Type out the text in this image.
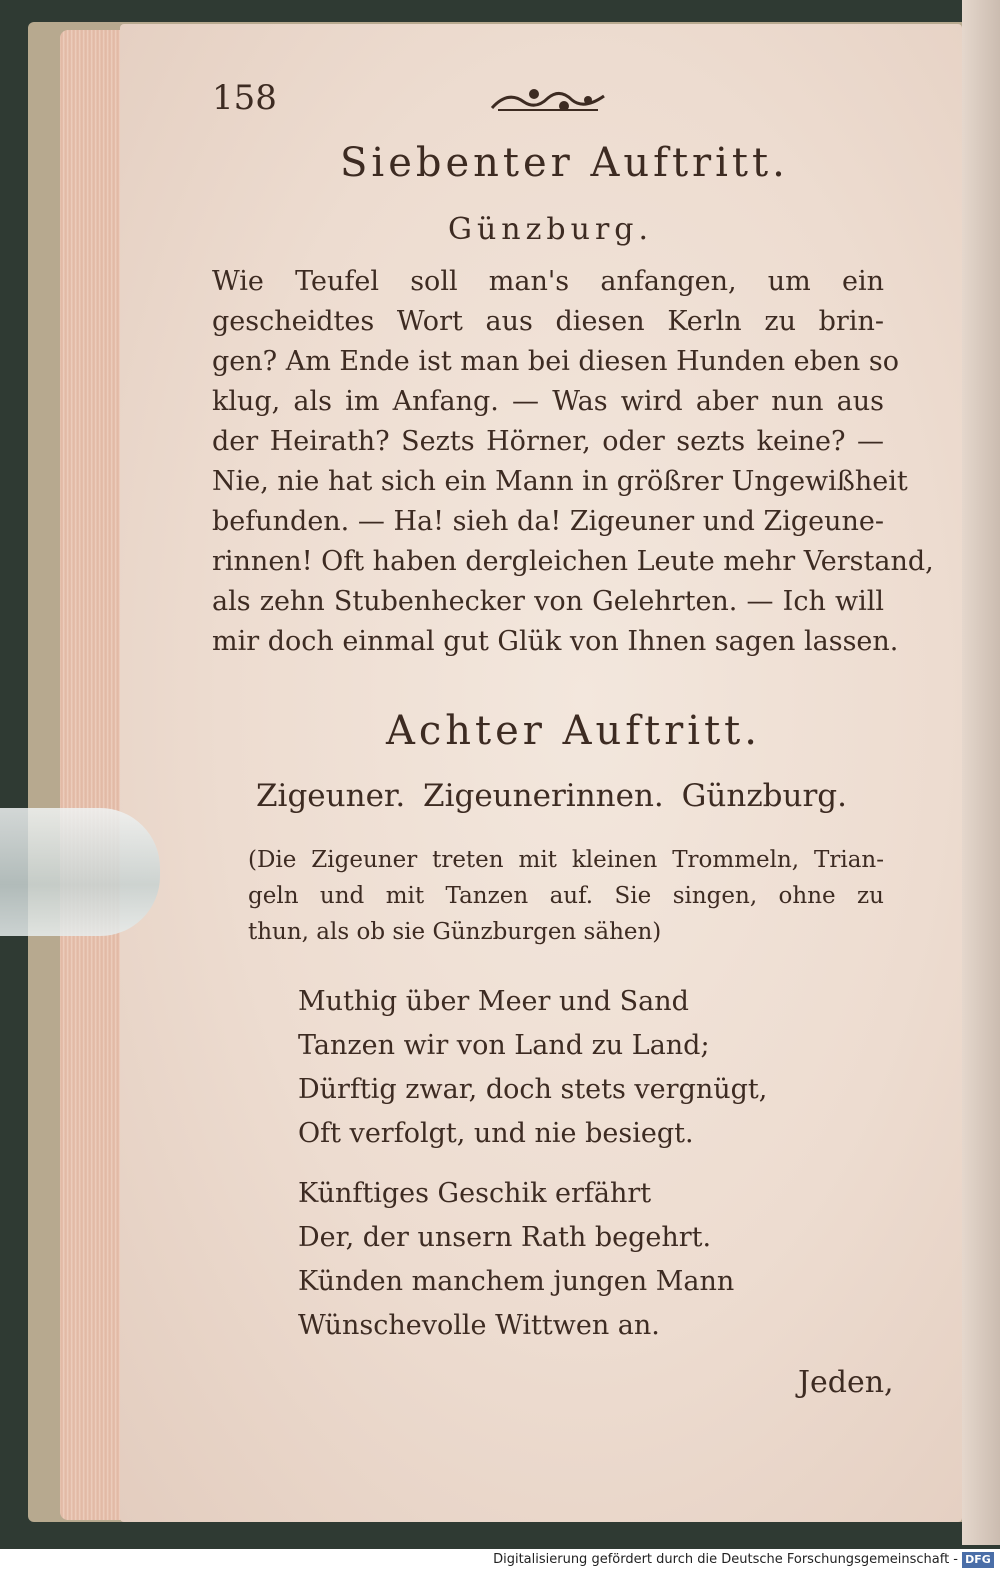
158
Siebenter Auftritt.
Günzburg.
Wie Teufel soll man's anfangen, um ein
gescheidtes Wort aus diesen Kerln zu brin-
gen? Am Ende ist man bei diesen Hunden eben so
klug, als im Anfang. — Was wird aber nun aus
der Heirath? Sezts Hörner, oder sezts keine? —
Nie, nie hat sich ein Mann in größrer Ungewißheit
befunden. — Ha! sieh da! Zigeuner und Zigeune-
rinnen! Oft haben dergleichen Leute mehr Verstand,
als zehn Stubenhecker von Gelehrten. — Ich will
mir doch einmal gut Glük von Ihnen sagen lassen.
Achter Auftritt.
Zigeuner. Zigeunerinnen. Günzburg.
(Die Zigeuner treten mit kleinen Trommeln, Trian-
geln und mit Tanzen auf. Sie singen, ohne zu
thun, als ob sie Günzburgen sähen)
Muthig über Meer und Sand
Tanzen wir von Land zu Land;
Dürftig zwar, doch stets vergnügt,
Oft verfolgt, und nie besiegt.
Künftiges Geschik erfährt
Der, der unsern Rath begehrt.
Künden manchem jungen Mann
Wünschevolle Wittwen an.
Jeden,
Digitalisierung gefördert durch die Deutsche Forschungsgemeinschaft - DFG
